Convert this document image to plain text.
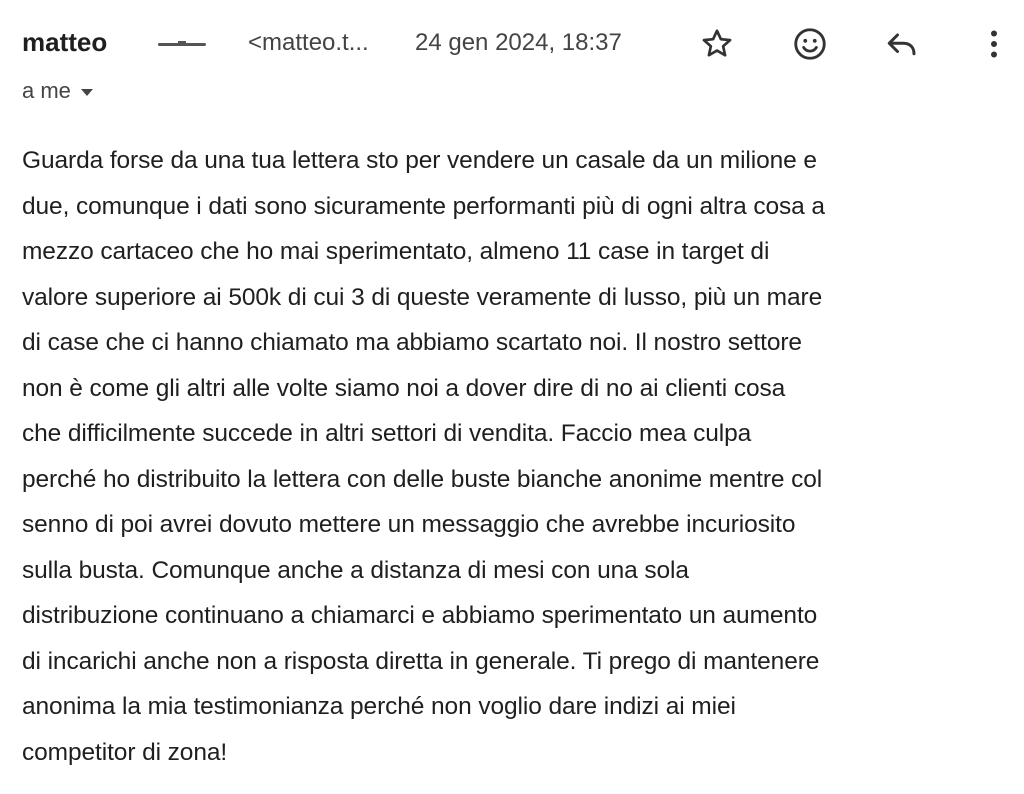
matteo	<matteo.t... 24 gen 2024, 18:37
a me
Guarda forse da una tua lettera sto per vendere un casale da un milione e
due, comunque i dati sono sicuramente performanti più di ogni altra cosa a
mezzo cartaceo che ho mai sperimentato, almeno 11 case in target di
valore superiore ai 500k di cui 3 di queste veramente di lusso, più un mare
di case che ci hanno chiamato ma abbiamo scartato noi. Il nostro settore
non è come gli altri alle volte siamo noi a dover dire di no ai clienti cosa
che difficilmente succede in altri settori di vendita. Faccio mea culpa
perché ho distribuito la lettera con delle buste bianche anonime mentre col
senno di poi avrei dovuto mettere un messaggio che avrebbe incuriosito
sulla busta. Comunque anche a distanza di mesi con una sola
distribuzione continuano a chiamarci e abbiamo sperimentato un aumento
di incarichi anche non a risposta diretta in generale. Ti prego di mantenere
anonima la mia testimonianza perché non voglio dare indizi ai miei
competitor di zona!
